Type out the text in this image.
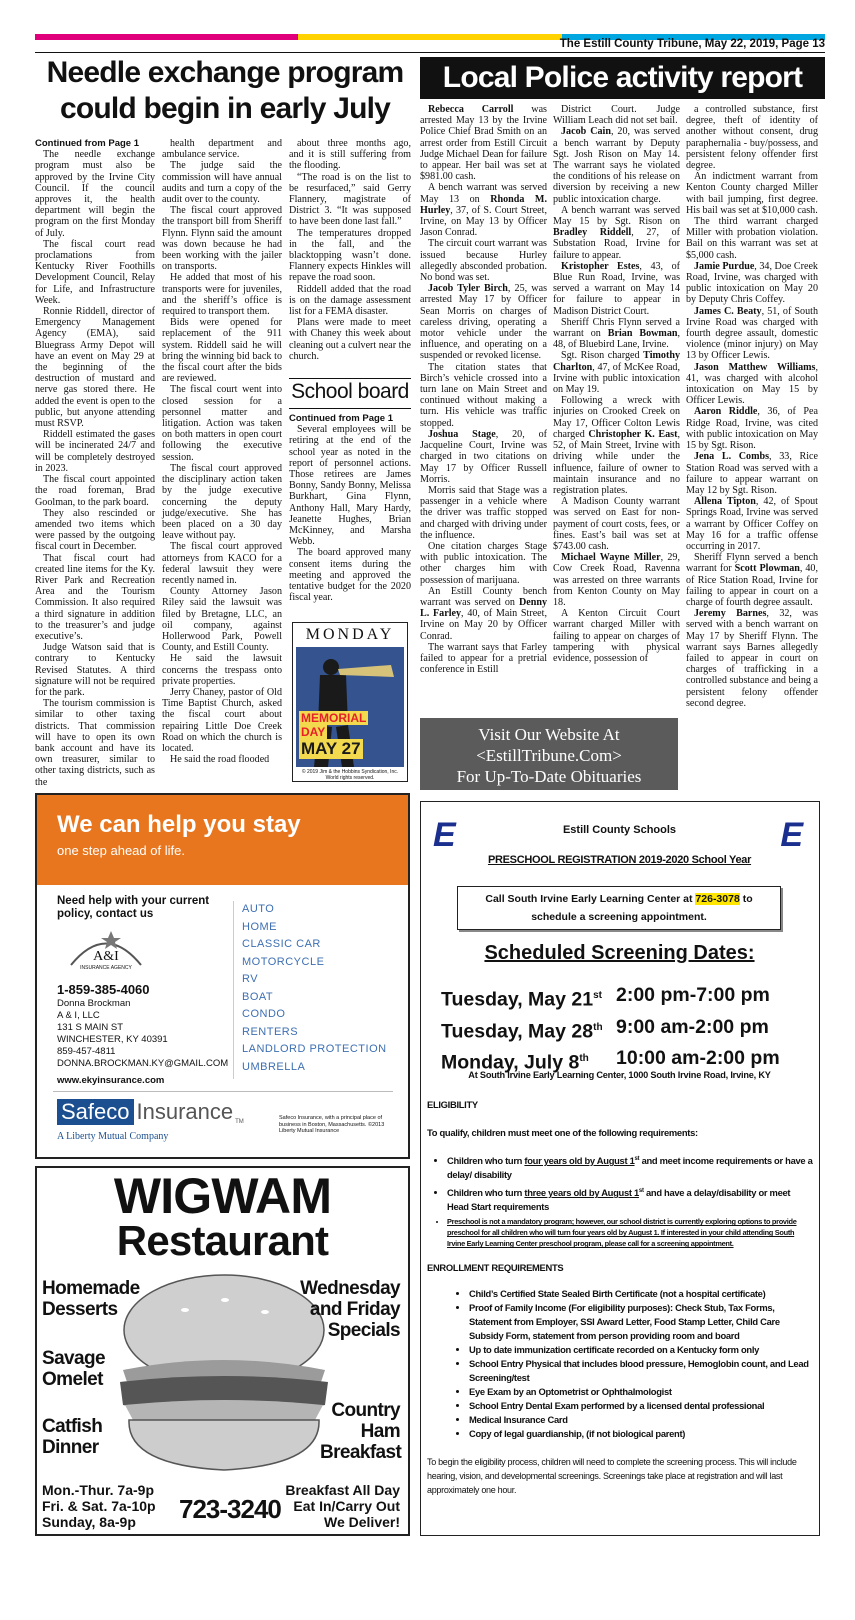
The Estill County Tribune, May 22, 2019, Page 13
Needle exchange program could begin in early July
Continued from Page 1

The needle exchange program must also be approved by the Irvine City Council. If the council approves it, the health department will begin the program on the first Monday of July.

The fiscal court read proclamations from Kentucky River Foothills Development Council, Relay for Life, and Infrastructure Week.

Ronnie Riddell, director of Emergency Management Agency (EMA), said Bluegrass Army Depot will have an event on May 29 at the beginning of the destruction of mustard and nerve gas stored there. He added the event is open to the public, but anyone attending must RSVP.

Riddell estimated the gases will be incinerated 24/7 and will be completely destroyed in 2023.

The fiscal court appointed the road foreman, Brad Goolman, to the park board.

They also rescinded or amended two items which were passed by the outgoing fiscal court in December.

That fiscal court had created line items for the Ky. River Park and Recreation Area and the Tourism Commission. It also required a third signature in addition to the treasurer’s and judge executive’s.

Judge Watson said that is contrary to Kentucky Revised Statutes. A third signature will not be required for the park.

The tourism commission is similar to other taxing districts. That commission will have to open its own bank account and have its own treasurer, similar to other taxing districts, such as the

health department and ambulance service.

The judge said the commission will have annual audits and turn a copy of the audit over to the county.

The fiscal court approved the transport bill from Sheriff Flynn. Flynn said the amount was down because he had been working with the jailer on transports.

He added that most of his transports were for juveniles, and the sheriff’s office is required to transport them.

Bids were opened for replacement of the 911 system. Riddell said he will bring the winning bid back to the fiscal court after the bids are reviewed.

The fiscal court went into closed session for a personnel matter and litigation. Action was taken on both matters in open court following the executive session.

The fiscal court approved the disciplinary action taken by the judge executive concerning the deputy judge/executive. She has been placed on a 30 day leave without pay.

The fiscal court approved attorneys from KACO for a federal lawsuit they were recently named in.

County Attorney Jason Riley said the lawsuit was filed by Bretagne, LLC, an oil company, against Hollerwood Park, Powell County, and Estill County.

He said the lawsuit concerns the trespass onto private properties.

Jerry Chaney, pastor of Old Time Baptist Church, asked the fiscal court about repairing Little Doe Creek Road on which the church is located.

He said the road flooded

about three months ago, and it is still suffering from the flooding.

“The road is on the list to be resurfaced,” said Gerry Flannery, magistrate of District 3. “It was supposed to have been done last fall.”

The temperatures dropped in the fall, and the blacktopping wasn’t done. Flannery expects Hinkles will repave the road soon.

Riddell added that the road is on the damage assessment list for a FEMA disaster.

Plans were made to meet with Chaney this week about cleaning out a culvert near the church.

School board
Continued from Page 1

Several employees will be retiring at the end of the school year as noted in the report of personnel actions. Those retirees are James Bonny, Sandy Bonny, Melissa Burkhart, Gina Flynn, Anthony Hall, Mary Hardy, Jeanette Hughes, Brian McKinney, and Marsha Webb.

The board approved many consent items during the meeting and approved the tentative budget for the 2020 fiscal year.

MONDAY
MEMORIAL
DAY
MAY 27
© 2019 Jim & the Hobbins Syndication, Inc. World rights reserved.
Local Police activity report

Rebecca Carroll was arrested May 13 by the Irvine Police Chief Brad Smith on an arrest order from Estill Circuit Judge Michael Dean for failure to appear. Her bail was set at $981.00 cash.

A bench warrant was served May 13 on Rhonda M. Hurley, 37, of S. Court Street, Irvine, on May 13 by Officer Jason Conrad.

The circuit court warrant was issued because Hurley allegedly absconded probation. No bond was set.

Jacob Tyler Birch, 25, was arrested May 17 by Officer Sean Morris on charges of careless driving, operating a motor vehicle under the influence, and operating on a suspended or revoked license.

The citation states that Birch’s vehicle crossed into a turn lane on Main Street and continued without making a turn. His vehicle was traffic stopped.

Joshua Stage, 20, of Jacqueline Court, Irvine was charged in two citations on May 17 by Officer Russell Morris.

Morris said that Stage was a passenger in a vehicle where the driver was traffic stopped and charged with driving under the influence.

One citation charges Stage with public intoxication. The other charges him with possession of marijuana.

An Estill County bench warrant was served on Denny L. Farley, 40, of Main Street, Irvine on May 20 by Officer Conrad.

The warrant says that Farley failed to appear for a pretrial conference in Estill

District Court. Judge William Leach did not set bail.

Jacob Cain, 20, was served a bench warrant by Deputy Sgt. Josh Rison on May 14. The warrant says he violated the conditions of his release on diversion by receiving a new public intoxication charge.

A bench warrant was served May 15 by Sgt. Rison on Bradley Riddell, 27, of Substation Road, Irvine for failure to appear.

Kristopher Estes, 43, of Blue Run Road, Irvine, was served a warrant on May 14 for failure to appear in Madison District Court.

Sheriff Chris Flynn served a warrant on Brian Bowman, 48, of Bluebird Lane, Irvine.

Sgt. Rison charged Timothy Charlton, 47, of McKee Road, Irvine with public intoxication on May 19.

Following a wreck with injuries on Crooked Creek on May 17, Officer Colton Lewis charged Christopher K. East, 52, of Main Street, Irvine with driving while under the influence, failure of owner to maintain insurance and no registration plates.

A Madison County warrant was served on East for non-payment of court costs, fees, or fines. East’s bail was set at $743.00 cash.

Michael Wayne Miller, 29, Cow Creek Road, Ravenna was arrested on three warrants from Kenton County on May 18.

A Kenton Circuit Court warrant charged Miller with failing to appear on charges of tampering with physical evidence, possession of

a controlled substance, first degree, theft of identity of another without consent, drug paraphernalia - buy/possess, and persistent felony offender first degree.

An indictment warrant from Kenton County charged Miller with bail jumping, first degree. His bail was set at $10,000 cash.

The third warrant charged Miller with probation violation. Bail on this warrant was set at $5,000 cash.

Jamie Purdue, 34, Doe Creek Road, Irvine, was charged with public intoxication on May 20 by Deputy Chris Coffey.

James C. Beaty, 51, of South Irvine Road was charged with fourth degree assault, domestic violence (minor injury) on May 13 by Officer Lewis.

Jason Matthew Williams, 41, was charged with alcohol intoxication on May 15 by Officer Lewis.

Aaron Riddle, 36, of Pea Ridge Road, Irvine, was cited with public intoxication on May 15 by Sgt. Rison.

Jena L. Combs, 33, Rice Station Road was served with a failure to appear warrant on May 12 by Sgt. Rison.

Allena Tipton, 42, of Spout Springs Road, Irvine was served a warrant by Officer Coffey on May 16 for a traffic offense occurring in 2017.

Sheriff Flynn served a bench warrant for Scott Plowman, 40, of Rice Station Road, Irvine for failing to appear in court on a charge of fourth degree assault.

Jeremy Barnes, 32, was served with a bench warrant on May 17 by Sheriff Flynn. The warrant says Barnes allegedly failed to appear in court on charges of trafficking in a controlled substance and being a persistent felony offender second degree.

Visit Our Website At
<EstillTribune.Com>
For Up-To-Date Obituaries
We can help you stay
one step ahead of life.
Need help with your current policy, contact us
A&I
INSURANCE AGENCY
1-859-385-4060
Donna Brockman
A & I, LLC
131 S MAIN ST
WINCHESTER, KY 40391
859-457-4811
DONNA.BROCKMAN.KY@GMAIL.COM
www.ekyinsurance.com
AUTO
HOME
CLASSIC CAR
MOTORCYCLE
RV
BOAT
CONDO
RENTERS
LANDLORD PROTECTION
UMBRELLA
Safeco Insurance TM
A Liberty Mutual Company
Safeco Insurance, with a principal place of business in Boston, Massachusetts. ©2013 Liberty Mutual Insurance
WIGWAM
Restaurant
Homemade Desserts
Savage Omelet
Catfish Dinner
Wednesday and Friday Specials
Country Ham Breakfast
Mon.-Thur. 7a-9p
Fri. & Sat. 7a-10p
Sunday, 8a-9p	723-3240
Breakfast All Day
Eat In/Carry Out
We Deliver!
E	E
Estill County Schools
PRESCHOOL REGISTRATION 2019-2020 School Year
Call South Irvine Early Learning Center at 726-3078 to schedule a screening appointment.
Scheduled Screening Dates:
Tuesday, May 21st 2:00 pm-7:00 pm
Tuesday, May 28th 9:00 am-2:00 pm
Monday, July 8th	10:00 am-2:00 pm
At South Irvine Early Learning Center, 1000 South Irvine Road, Irvine, KY
ELIGIBILITY
To qualify, children must meet one of the following requirements:
• Children who turn four years old by August 1st and meet income requirements or have a delay/ disability
• Children who turn three years old by August 1st and have a delay/disability or meet Head Start requirements
• Preschool is not a mandatory program; however, our school district is currently exploring options to provide preschool for all children who will turn four years old by August 1. If interested in your child attending South Irvine Early Learning Center preschool program, please call for a screening appointment.
ENROLLMENT REQUIREMENTS
• Child’s Certified State Sealed Birth Certificate (not a hospital certificate)
• Proof of Family Income (For eligibility purposes): Check Stub, Tax Forms, Statement from Employer, SSI Award Letter, Food Stamp Letter, Child Care Subsidy Form, statement from person providing room and board
• Up to date immunization certificate recorded on a Kentucky form only
• School Entry Physical that includes blood pressure, Hemoglobin count, and Lead Screening/test
• Eye Exam by an Optometrist or Ophthalmologist
• School Entry Dental Exam performed by a licensed dental professional
• Medical Insurance Card
• Copy of legal guardianship, (if not biological parent)
To begin the eligibility process, children will need to complete the screening process. This will include hearing, vision, and developmental screenings. Screenings take place at registration and will last approximately one hour.
